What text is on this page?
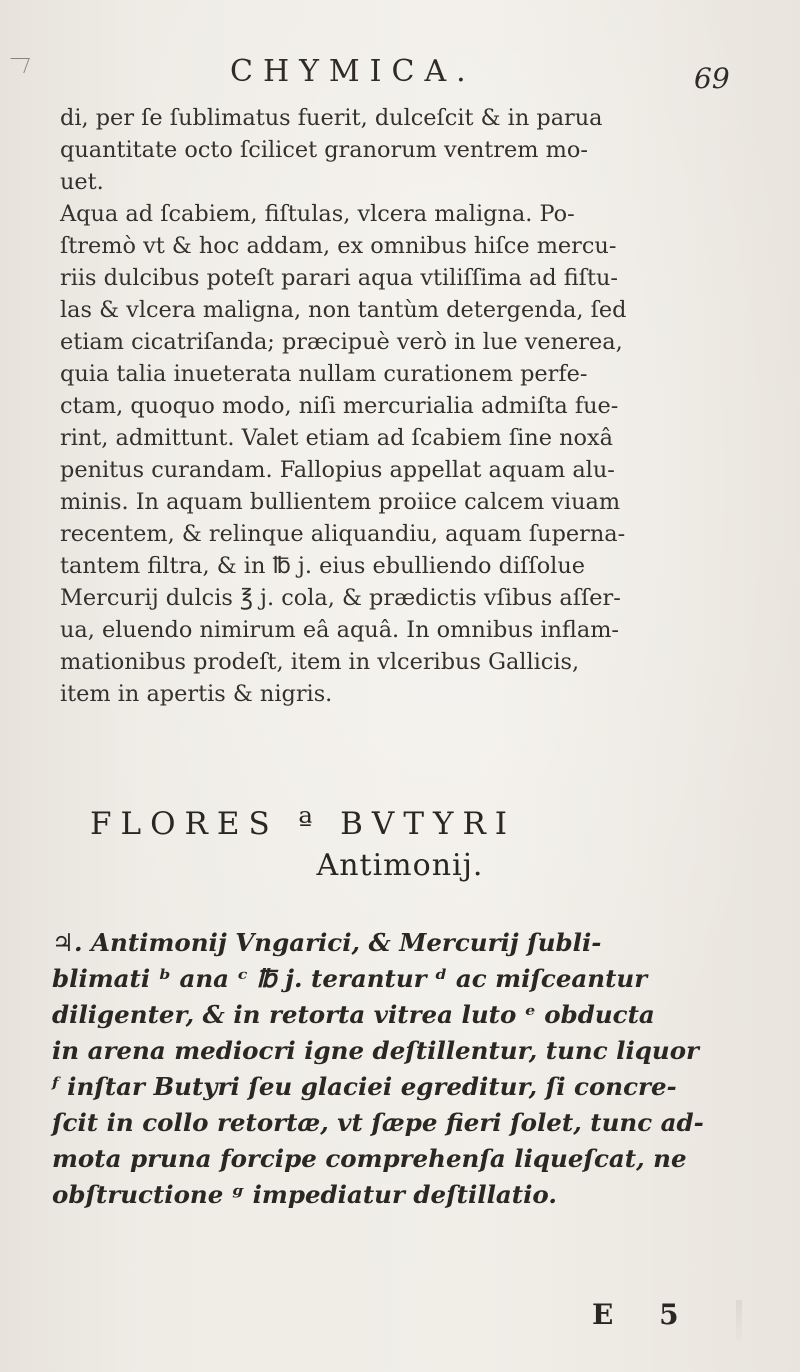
CHYMICA.	69
di, per ſe ſublimatus fuerit, dulceſcit & in parua
quantitate octo ſcilicet granorum ventrem mo-
uet.
Aqua ad ſcabiem, fiſtulas, vlcera maligna. Po-
ſtremò vt & hoc addam, ex omnibus hiſce mercu-
riis dulcibus poteſt parari aqua vtiliſſima ad fiſtu-
las & vlcera maligna, non tantùm detergenda, ſed
etiam cicatriſanda; præcipuè verò in lue venerea,
quia talia inueterata nullam curationem perfe-
ctam, quoquo modo, niſi mercurialia admiſta fue-
rint, admittunt. Valet etiam ad ſcabiem ſine noxâ
penitus curandam. Fallopius appellat aquam alu-
minis. In aquam bullientem proiice calcem viuam
recentem, & relinque aliquandiu, aquam ſuperna-
tantem filtra, & in ℔ j. eius ebulliendo diſſolue
Mercurij dulcis ℥ j. cola, & prædictis vſibus aſſer-
ua, eluendo nimirum eâ aquâ. In omnibus inflam-
mationibus prodeſt, item in vlceribus Gallicis,
item in apertis & nigris.
FLORES ª BVTYRI
Antimonij.
♃. Antimonij Vngarici, & Mercurij ſubli-
blimati ᵇ ana ᶜ ℔ j. terantur ᵈ ac miſceantur
diligenter, & in retorta vitrea luto ᵉ obducta
in arena mediocri igne deſtillentur, tunc liquor
ᶠ inſtar Butyri ſeu glaciei egreditur, ſi concre-
ſcit in collo retortæ, vt ſæpe fieri ſolet, tunc ad-
mota pruna forcipe comprehenſa liqueſcat, ne
obſtructione ᵍ impediatur deſtillatio.
E 5
